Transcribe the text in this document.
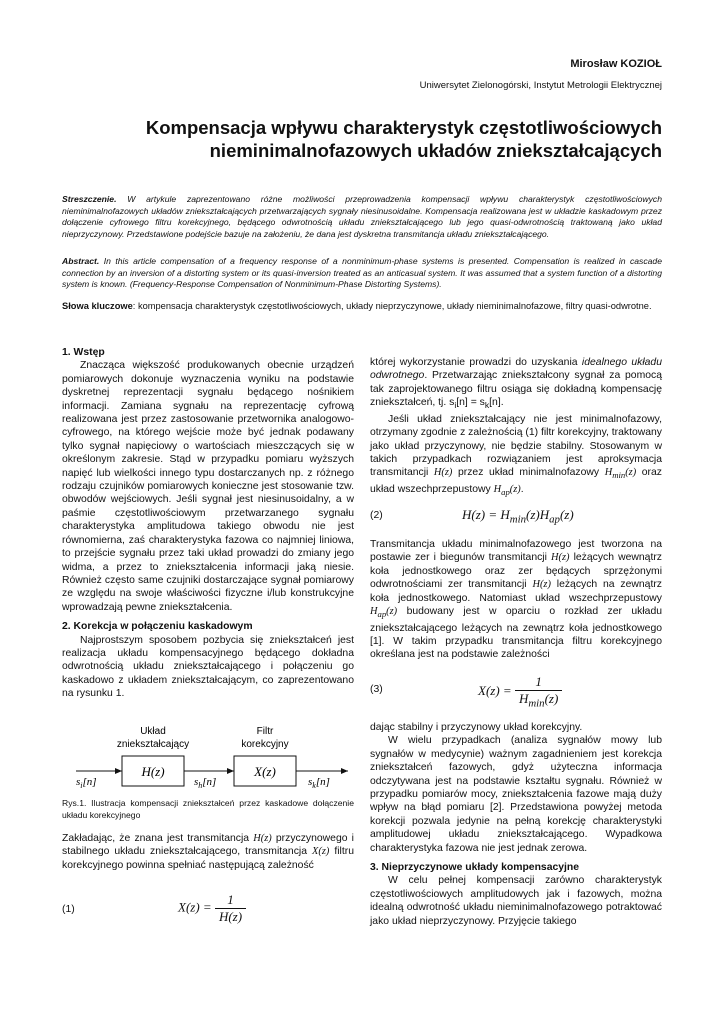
Mirosław KOZIOŁ
Uniwersytet Zielonogórski, Instytut Metrologii Elektrycznej
Kompensacja wpływu charakterystyk częstotliwościowych
nieminimalnofazowych układów zniekształcających
Streszczenie. W artykule zaprezentowano różne możliwości przeprowadzenia kompensacji wpływu charakterystyk częstotliwościowych nieminimalnofazowych układów zniekształcających przetwarzających sygnały niesinusoidalne. Kompensacja realizowana jest w układzie kaskadowym przez dołączenie cyfrowego filtru korekcyjnego, będącego odwrotnością układu zniekształcającego lub jego quasi-odwrotnością traktowaną jako układ nieprzyczynowy. Przedstawione podejście bazuje na założeniu, że dana jest dyskretna transmitancja układu zniekształcającego.
Abstract. In this article compensation of a frequency response of a nonminimum-phase systems is presented. Compensation is realized in cascade connection by an inversion of a distorting system or its quasi-inversion treated as an anticasual system. It was assumed that a system function of a distorting system is known. (Frequency-Response Compensation of Nonminimum-Phase Distorting Systems).
Słowa kluczowe: kompensacja charakterystyk częstotliwościowych, układy nieprzyczynowe, układy nieminimalnofazowe, filtry quasi-odwrotne.
1. Wstęp

Znacząca większość produkowanych obecnie urządzeń pomiarowych dokonuje wyznaczenia wyniku na podstawie dyskretnej reprezentacji sygnału będącego nośnikiem informacji. Zamiana sygnału na reprezentację cyfrową realizowana jest przez zastosowanie przetwornika analogowo-cyfrowego, na którego wejście może być jednak podawany tylko sygnał napięciowy o wartościach mieszczących się w określonym zakresie. Stąd w przypadku pomiaru wyższych napięć lub wielkości innego typu dostarczanych np. z różnego rodzaju czujników pomiarowych konieczne jest stosowanie tzw. obwodów wejściowych. Jeśli sygnał jest niesinusoidalny, a w paśmie częstotliwościowym przetwarzanego sygnału charakterystyka amplitudowa takiego obwodu nie jest równomierna, zaś charakterystyka fazowa co najmniej liniowa, to przejście sygnału przez taki układ prowadzi do zmiany jego widma, a przez to zniekształcenia informacji jaką niesie. Również często same czujniki dostarczające sygnał pomiarowy ze względu na swoje właściwości fizyczne i/lub konstrukcyjne wprowadzają pewne zniekształcenia.

2. Korekcja w połączeniu kaskadowym

Najprostszym sposobem pozbycia się zniekształceń jest realizacja układu kompensacyjnego będącego dokładna odwrotnością układu zniekształcającego i połączeniu go kaskadowo z układem zniekształcającym, co zaprezentowano na rysunku 1.

Układ
zniekształcający
Filtr
korekcyjny
H(z)	X(z)
$s_i[n]$	$s_h[n]$	$s_k[n]$
Rys.1. Ilustracja kompensacji zniekształceń przez kaskadowe dołączenie układu korekcyjnego

Zakładając, że znana jest transmitancja H(z) przyczynowego i stabilnego układu zniekształcającego, transmitancja X(z) filtru korekcyjnego powinna spełniać następującą zależność

(1)	$X(z) = \frac{1}{H(z)}$

której wykorzystanie prowadzi do uzyskania idealnego układu odwrotnego. Przetwarzając zniekształcony sygnał za pomocą tak zaprojektowanego filtru osiąga się dokładną kompensację zniekształceń, tj. $s_i[n] = s_k[n]$.

Jeśli układ zniekształcający nie jest minimalnofazowy, otrzymany zgodnie z zależnością (1) filtr korekcyjny, traktowany jako układ przyczynowy, nie będzie stabilny. Stosowanym w takich przypadkach rozwiązaniem jest aproksymacja transmitancji H(z) przez układ minimalnofazowy $H_{min}(z)$ oraz układ wszechprzepustowy $H_{ap}(z)$.

(2)	$H(z) = H_{min}(z)H_{ap}(z)$

Transmitancja układu minimalnofazowego jest tworzona na postawie zer i biegunów transmitancji H(z) leżących wewnątrz koła jednostkowego oraz zer będących sprzężonymi odwrotnościami zer transmitancji H(z) leżących na zewnątrz koła jednostkowego. Natomiast układ wszechprzepustowy $H_{ap}(z)$ budowany jest w oparciu o rozkład zer układu zniekształcającego leżących na zewnątrz koła jednostkowego [1]. W takim przypadku transmitancja filtru korekcyjnego określana jest na podstawie zależności

(3)	$X(z) = \frac{1}{H_{min}(z)}$

dając stabilny i przyczynowy układ korekcyjny.

W wielu przypadkach (analiza sygnałów mowy lub sygnałów w medycynie) ważnym zagadnieniem jest korekcja zniekształceń fazowych, gdyż użyteczna informacja odczytywana jest na podstawie kształtu sygnału. Również w przypadku pomiarów mocy, zniekształcenia fazowe mają duży wpływ na błąd pomiaru [2]. Przedstawiona powyżej metoda korekcji pozwala jedynie na pełną korekcję charakterystyki amplitudowej układu zniekształcającego. Wypadkowa charakterystyka fazowa nie jest jednak zerowa.

3. Nieprzyczynowe układy kompensacyjne

W celu pełnej kompensacji zarówno charakterystyk częstotliwościowych amplitudowych jak i fazowych, można idealną odwrotność układu nieminimalnofazowego potraktować jako układ nieprzyczynowy. Przyjęcie takiego
